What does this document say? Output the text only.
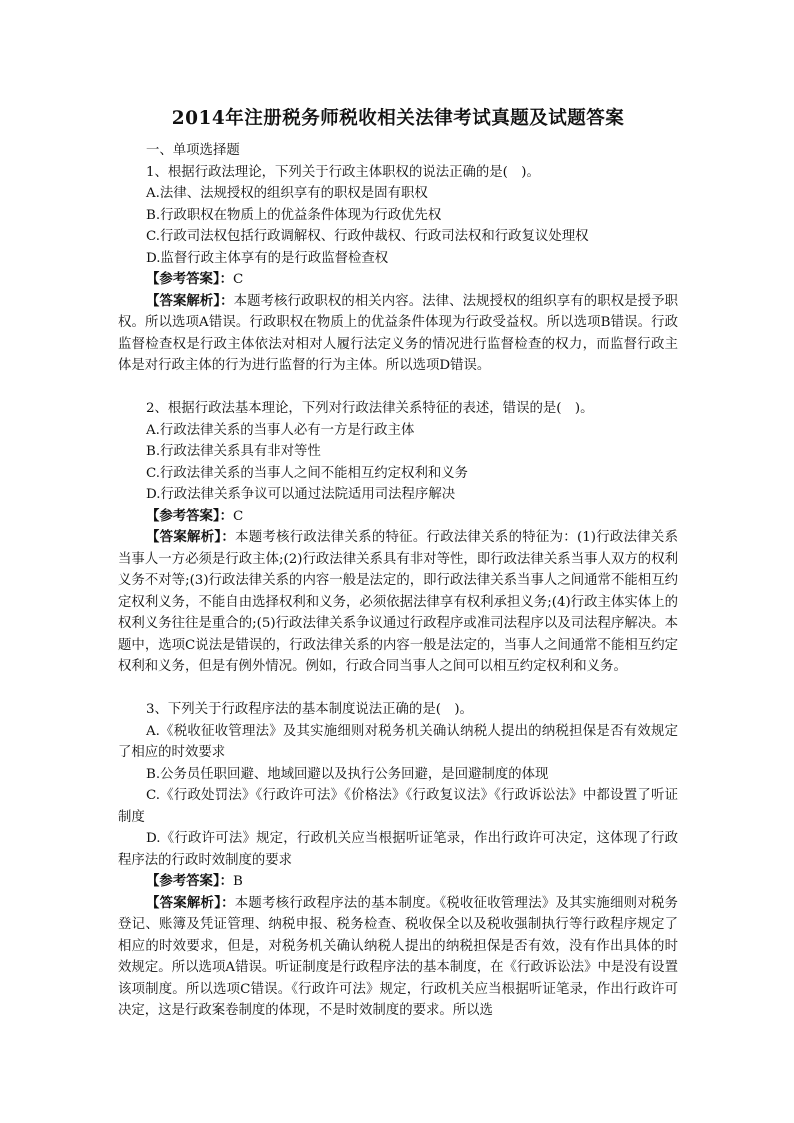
2014年注册税务师税收相关法律考试真题及试题答案
一、单项选择题
1、根据行政法理论，下列关于行政主体职权的说法正确的是(　)。
A.法律、法规授权的组织享有的职权是固有职权
B.行政职权在物质上的优益条件体现为行政优先权
C.行政司法权包括行政调解权、行政仲裁权、行政司法权和行政复议处理权
D.监督行政主体享有的是行政监督检查权
【参考答案】：C
【答案解析】：本题考核行政职权的相关内容。法律、法规授权的组织享有的职权是授予职权。所以选项A错误。行政职权在物质上的优益条件体现为行政受益权。所以选项B错误。行政监督检查权是行政主体依法对相对人履行法定义务的情况进行监督检查的权力，而监督行政主体是对行政主体的行为进行监督的行为主体。所以选项D错误。
2、根据行政法基本理论，下列对行政法律关系特征的表述，错误的是(　)。
A.行政法律关系的当事人必有一方是行政主体
B.行政法律关系具有非对等性
C.行政法律关系的当事人之间不能相互约定权利和义务
D.行政法律关系争议可以通过法院适用司法程序解决
【参考答案】：C
【答案解析】：本题考核行政法律关系的特征。行政法律关系的特征为：(1)行政法律关系当事人一方必须是行政主体;(2)行政法律关系具有非对等性，即行政法律关系当事人双方的权利义务不对等;(3)行政法律关系的内容一般是法定的，即行政法律关系当事人之间通常不能相互约定权利义务，不能自由选择权利和义务，必须依据法律享有权利承担义务;(4)行政主体实体上的权利义务往往是重合的;(5)行政法律关系争议通过行政程序或准司法程序以及司法程序解决。本题中，选项C说法是错误的，行政法律关系的内容一般是法定的，当事人之间通常不能相互约定权利和义务，但是有例外情况。例如，行政合同当事人之间可以相互约定权利和义务。
3、下列关于行政程序法的基本制度说法正确的是(　)。
A.《税收征收管理法》及其实施细则对税务机关确认纳税人提出的纳税担保是否有效规定了相应的时效要求
B.公务员任职回避、地域回避以及执行公务回避，是回避制度的体现
C.《行政处罚法》《行政许可法》《价格法》《行政复议法》《行政诉讼法》中都设置了听证制度
D.《行政许可法》规定，行政机关应当根据听证笔录，作出行政许可决定，这体现了行政程序法的行政时效制度的要求
【参考答案】：B
【答案解析】：本题考核行政程序法的基本制度。《税收征收管理法》及其实施细则对税务登记、账簿及凭证管理、纳税申报、税务检查、税收保全以及税收强制执行等行政程序规定了相应的时效要求，但是，对税务机关确认纳税人提出的纳税担保是否有效，没有作出具体的时效规定。所以选项A错误。听证制度是行政程序法的基本制度，在《行政诉讼法》中是没有设置该项制度。所以选项C错误。《行政许可法》规定，行政机关应当根据听证笔录，作出行政许可决定，这是行政案卷制度的体现，不是时效制度的要求。所以选
